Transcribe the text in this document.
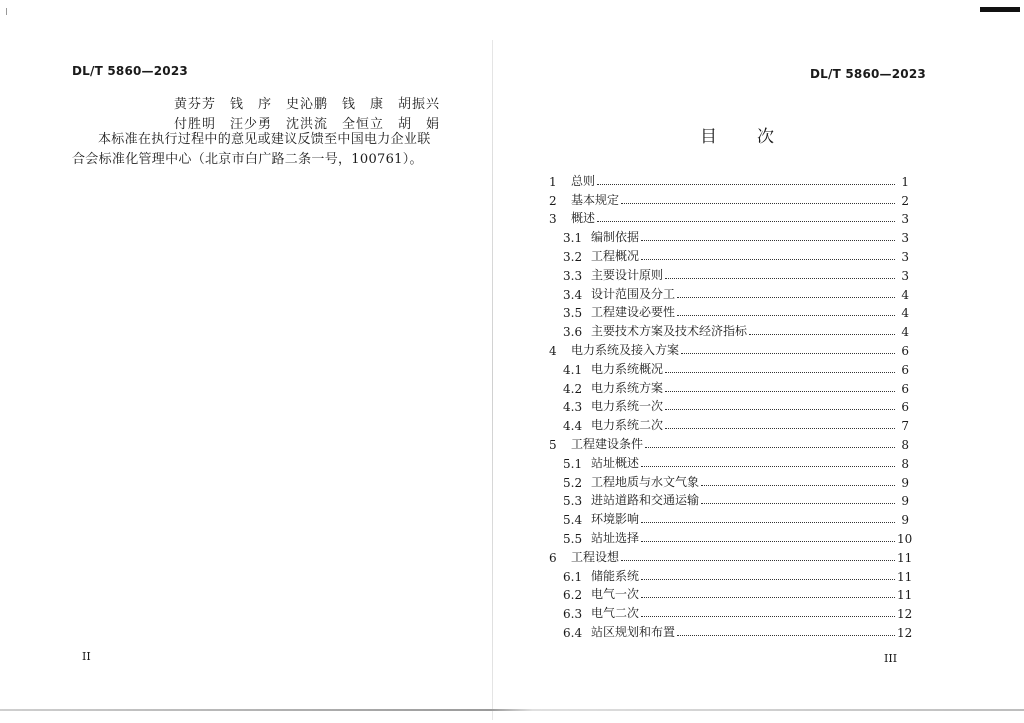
DL/T 5860—2023
黄芬芳　钱　序　史沁鹏　钱　康　胡振兴
付胜明　汪少勇　沈洪流　全恒立　胡　娟
本标准在执行过程中的意见或建议反馈至中国电力企业联合会标准化管理中心（北京市白广路二条一号，100761）。
II
DL/T 5860—2023
III
目 次
1	总则	1
2	基本规定	2
3	概述	3
3.1 编制依据	3
3.2 工程概况	3
3.3 主要设计原则	3
3.4 设计范围及分工	4
3.5 工程建设必要性	4
3.6 主要技术方案及技术经济指标	4
4	电力系统及接入方案	6
4.1 电力系统概况	6
4.2 电力系统方案	6
4.3 电力系统一次	6
4.4 电力系统二次	7
5	工程建设条件	8
5.1 站址概述	8
5.2 工程地质与水文气象	9
5.3 进站道路和交通运输	9
5.4 环境影响	9
5.5 站址选择	10
6	工程设想	11
6.1 储能系统	11
6.2 电气一次	11
6.3 电气二次	12
6.4 站区规划和布置	12
